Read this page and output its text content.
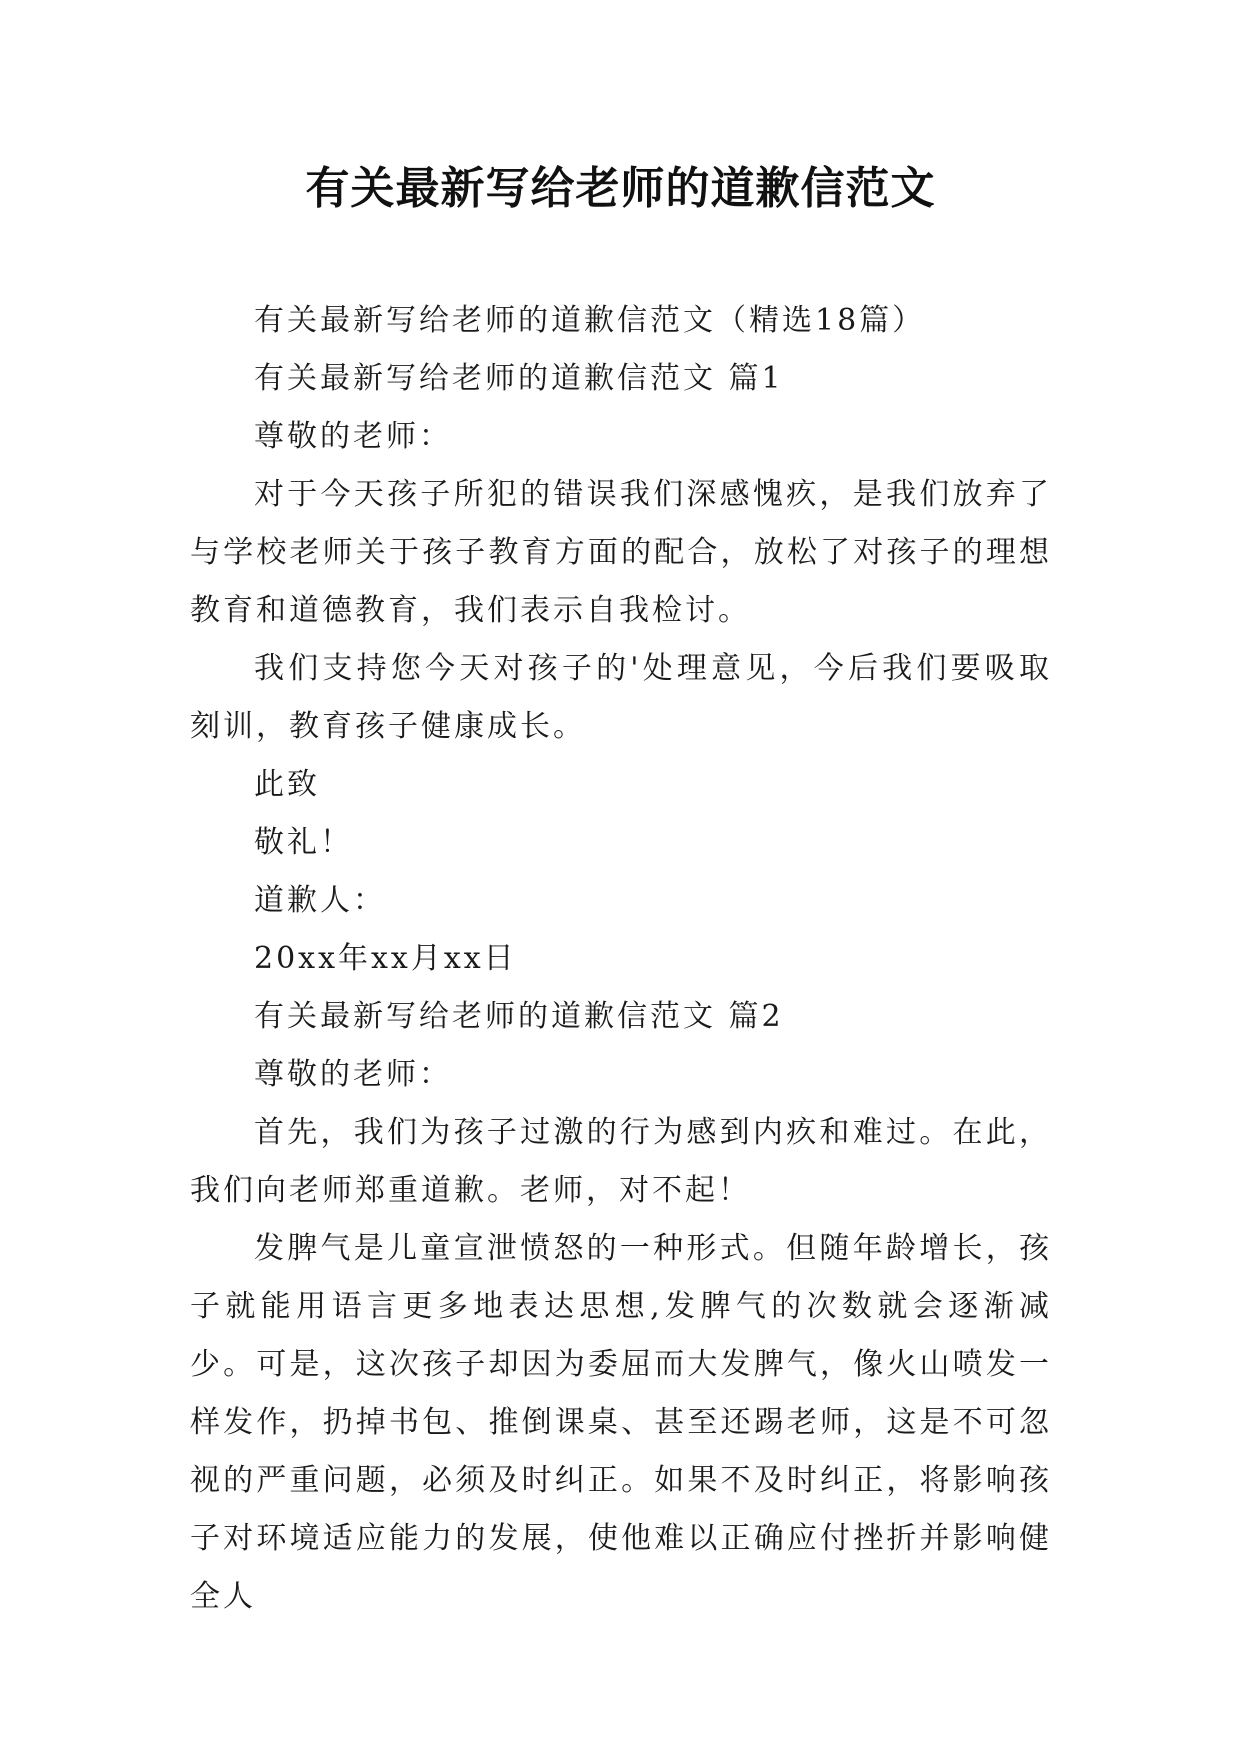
有关最新写给老师的道歉信范文

有关最新写给老师的道歉信范文（精选18篇）

有关最新写给老师的道歉信范文 篇1

尊敬的老师：

对于今天孩子所犯的错误我们深感愧疚，是我们放弃了与学校老师关于孩子教育方面的配合，放松了对孩子的理想教育和道德教育，我们表示自我检讨。

我们支持您今天对孩子的'处理意见，今后我们要吸取刻训，教育孩子健康成长。

此致

敬礼！

道歉人：

20xx年xx月xx日

有关最新写给老师的道歉信范文 篇2

尊敬的老师：

首先，我们为孩子过激的行为感到内疚和难过。在此，我们向老师郑重道歉。老师，对不起！

发脾气是儿童宣泄愤怒的一种形式。但随年龄增长，孩子就能用语言更多地表达思想,发脾气的次数就会逐渐减少。可是，这次孩子却因为委屈而大发脾气，像火山喷发一样发作，扔掉书包、推倒课桌、甚至还踢老师，这是不可忽视的严重问题，必须及时纠正。如果不及时纠正，将影响孩子对环境适应能力的发展，使他难以正确应付挫折并影响健全人
